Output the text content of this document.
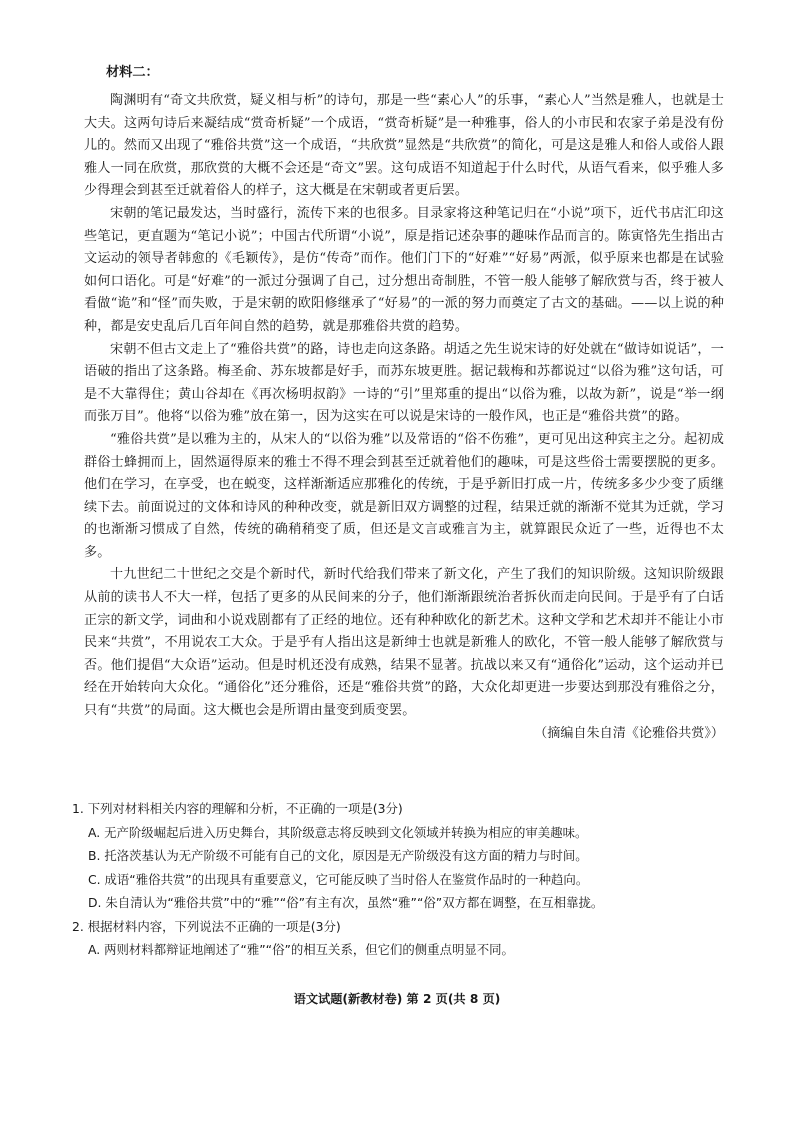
材料二：

陶渊明有“奇文共欣赏，疑义相与析”的诗句，那是一些“素心人”的乐事，“素心人”当然是雅人，也就是士大夫。这两句诗后来凝结成“赏奇析疑”一个成语，“赏奇析疑”是一种雅事，俗人的小市民和农家子弟是没有份儿的。然而又出现了“雅俗共赏”这一个成语，“共欣赏”显然是“共欣赏”的简化，可是这是雅人和俗人或俗人跟雅人一同在欣赏，那欣赏的大概不会还是“奇文”罢。这句成语不知道起于什么时代，从语气看来，似乎雅人多少得理会到甚至迁就着俗人的样子，这大概是在宋朝或者更后罢。

宋朝的笔记最发达，当时盛行，流传下来的也很多。目录家将这种笔记归在“小说”项下，近代书店汇印这些笔记，更直题为“笔记小说”；中国古代所谓“小说”，原是指记述杂事的趣味作品而言的。陈寅恪先生指出古文运动的领导者韩愈的《毛颖传》，是仿“传奇”而作。他们门下的“好难”“好易”两派，似乎原来也都是在试验如何口语化。可是“好难”的一派过分强调了自己，过分想出奇制胜，不管一般人能够了解欣赏与否，终于被人看做“诡”和“怪”而失败，于是宋朝的欧阳修继承了“好易”的一派的努力而奠定了古文的基础。——以上说的种种，都是安史乱后几百年间自然的趋势，就是那雅俗共赏的趋势。

宋朝不但古文走上了“雅俗共赏”的路，诗也走向这条路。胡适之先生说宋诗的好处就在“做诗如说话”，一语破的指出了这条路。梅圣俞、苏东坡都是好手，而苏东坡更胜。据记载梅和苏都说过“以俗为雅”这句话，可是不大靠得住；黄山谷却在《再次杨明叔韵》一诗的“引”里郑重的提出“以俗为雅，以故为新”，说是“举一纲而张万目”。他将“以俗为雅”放在第一，因为这实在可以说是宋诗的一般作风，也正是“雅俗共赏”的路。

“雅俗共赏”是以雅为主的，从宋人的“以俗为雅”以及常语的“俗不伤雅”，更可见出这种宾主之分。起初成群俗士蜂拥而上，固然逼得原来的雅士不得不理会到甚至迁就着他们的趣味，可是这些俗士需要摆脱的更多。他们在学习，在享受，也在蜕变，这样渐渐适应那雅化的传统，于是乎新旧打成一片，传统多多少少变了质继续下去。前面说过的文体和诗风的种种改变，就是新旧双方调整的过程，结果迁就的渐渐不觉其为迁就，学习的也渐渐习惯成了自然，传统的确稍稍变了质，但还是文言或雅言为主，就算跟民众近了一些，近得也不太多。

十九世纪二十世纪之交是个新时代，新时代给我们带来了新文化，产生了我们的知识阶级。这知识阶级跟从前的读书人不大一样，包括了更多的从民间来的分子，他们渐渐跟统治者拆伙而走向民间。于是乎有了白话正宗的新文学，词曲和小说戏剧都有了正经的地位。还有种种欧化的新艺术。这种文学和艺术却并不能让小市民来“共赏”，不用说农工大众。于是乎有人指出这是新绅士也就是新雅人的欧化，不管一般人能够了解欣赏与否。他们提倡“大众语”运动。但是时机还没有成熟，结果不显著。抗战以来又有“通俗化”运动，这个运动并已经在开始转向大众化。“通俗化”还分雅俗，还是“雅俗共赏”的路，大众化却更进一步要达到那没有雅俗之分，只有“共赏”的局面。这大概也会是所谓由量变到质变罢。

（摘编自朱自清《论雅俗共赏》）

1. 下列对材料相关内容的理解和分析，不正确的一项是(3分)

A. 无产阶级崛起后进入历史舞台，其阶级意志将反映到文化领域并转换为相应的审美趣味。

B. 托洛茨基认为无产阶级不可能有自己的文化，原因是无产阶级没有这方面的精力与时间。

C. 成语“雅俗共赏”的出现具有重要意义，它可能反映了当时俗人在鉴赏作品时的一种趋向。

D. 朱自清认为“雅俗共赏”中的“雅”“俗”有主有次，虽然“雅”“俗”双方都在调整，在互相靠拢。

2. 根据材料内容，下列说法不正确的一项是(3分)

A. 两则材料都辩证地阐述了“雅”“俗”的相互关系，但它们的侧重点明显不同。

语文试题(新教材卷) 第 2 页(共 8 页)
